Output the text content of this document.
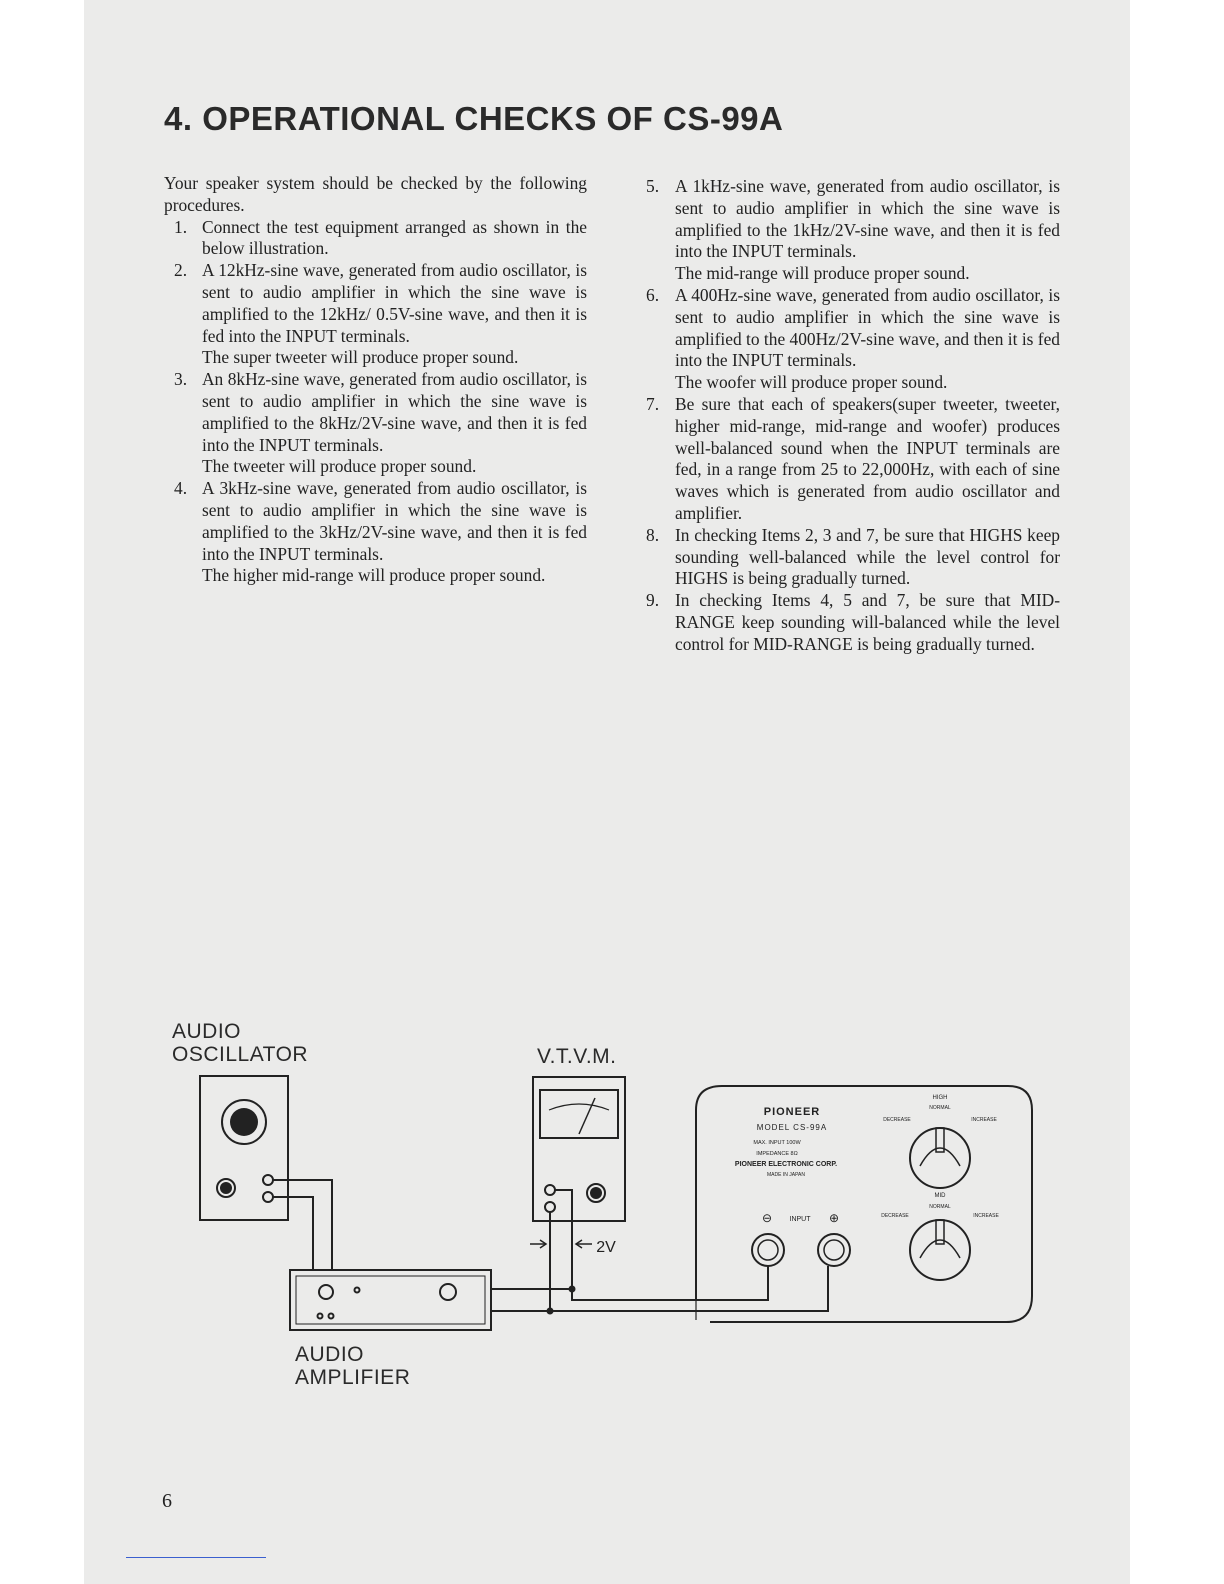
4. OPERATIONAL CHECKS OF CS-99A

Your speaker system should be checked by the following procedures.

1. Connect the test equipment arranged as shown in the below illustration.

2. A 12kHz-sine wave, generated from audio oscillator, is sent to audio amplifier in which the sine wave is amplified to the 12kHz/ 0.5V-sine wave, and then it is fed into the INPUT terminals.

The super tweeter will produce proper sound.

3. An 8kHz-sine wave, generated from audio oscillator, is sent to audio amplifier in which the sine wave is amplified to the 8kHz/2V-sine wave, and then it is fed into the INPUT terminals.

The tweeter will produce proper sound.

4. A 3kHz-sine wave, generated from audio oscillator, is sent to audio amplifier in which the sine wave is amplified to the 3kHz/2V-sine wave, and then it is fed into the INPUT terminals.

The higher mid-range will produce proper sound.

5. A 1kHz-sine wave, generated from audio oscillator, is sent to audio amplifier in which the sine wave is amplified to the 1kHz/2V-sine wave, and then it is fed into the INPUT terminals.

The mid-range will produce proper sound.

6. A 400Hz-sine wave, generated from audio oscillator, is sent to audio amplifier in which the sine wave is amplified to the 400Hz/2V-sine wave, and then it is fed into the INPUT terminals.

The woofer will produce proper sound.

7. Be sure that each of speakers(super tweeter, tweeter, higher mid-range, mid-range and woofer) produces well-balanced sound when the INPUT terminals are fed, in a range from 25 to 22,000Hz, with each of sine waves which is generated from audio oscillator and amplifier.

8. In checking Items 2, 3 and 7, be sure that HIGHS keep sounding well-balanced while the level control for HIGHS is being gradually turned.

9. In checking Items 4, 5 and 7, be sure that MID-RANGE keep sounding will-balanced while the level control for MID-RANGE is being gradually turned.

AUDIO
OSCILLATOR	V.T.V.M.
AUDIO
AMPLIFIER
PIONEER
MODEL CS-99A
MAX. INPUT 100W
IMPEDANCE 8Ω
PIONEER ELECTRONIC CORP.
MADE IN JAPAN
HIGH
NORMAL
DECREASE	INCREASE
MID
NORMAL
DECREASE	INCREASE
⊖ INPUT ⊕
2V
6
